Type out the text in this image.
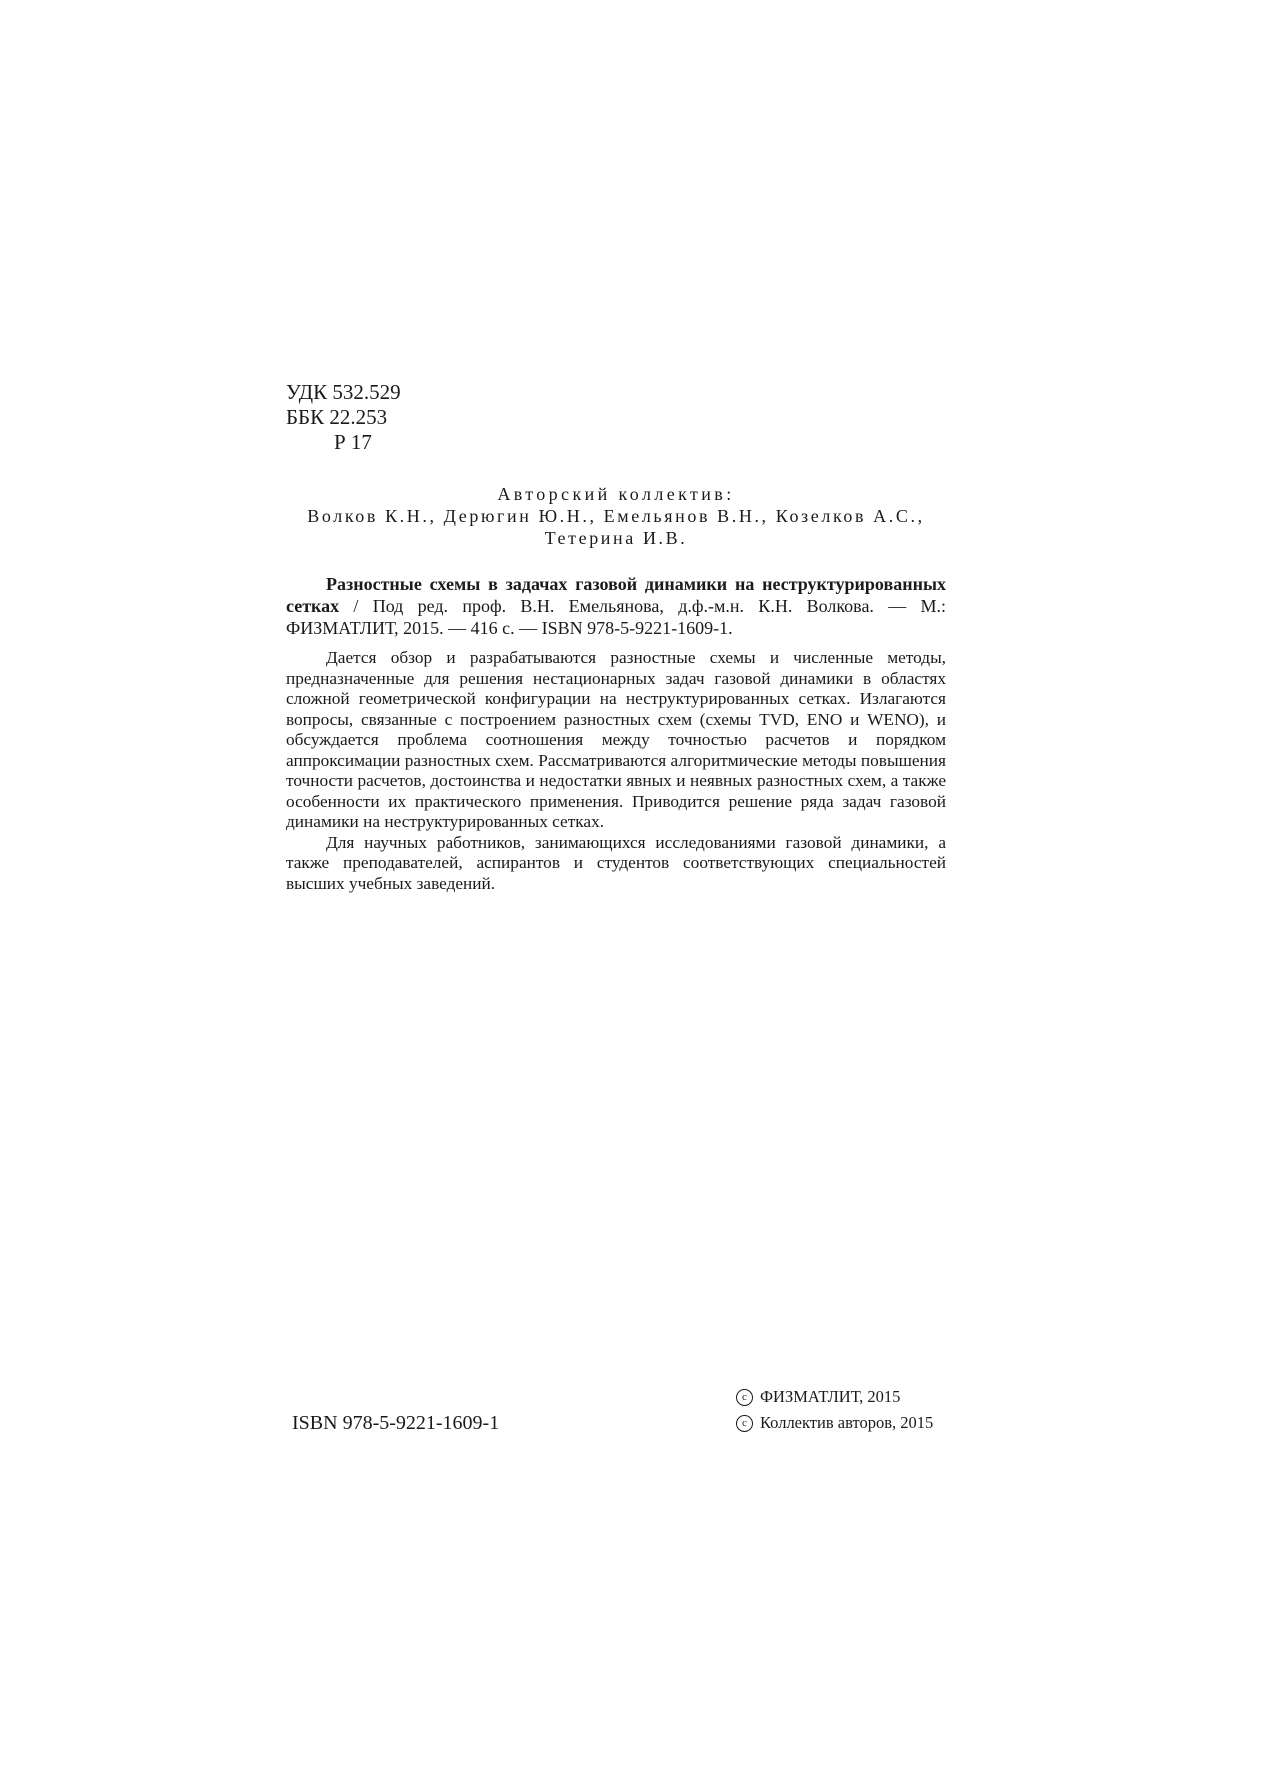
УДК 532.529
ББК 22.253
Р 17
Авторский коллектив:
Волков К.Н., Дерюгин Ю.Н., Емельянов В.Н., Козелков А.С.,
Тетерина И.В.
Разностные схемы в задачах газовой динамики на неструктурированных сетках / Под ред. проф. В.Н. Емельянова, д.ф.-м.н. К.Н. Волкова. — М.: ФИЗМАТЛИТ, 2015. — 416 с. — ISBN 978-5-9221-1609-1.

Дается обзор и разрабатываются разностные схемы и численные методы, предназначенные для решения нестационарных задач газовой динамики в областях сложной геометрической конфигурации на неструктурированных сетках. Излагаются вопросы, связанные с построением разностных схем (схемы TVD, ENO и WENO), и обсуждается проблема соотношения между точностью расчетов и порядком аппроксимации разностных схем. Рассматриваются алгоритмические методы повышения точности расчетов, достоинства и недостатки явных и неявных разностных схем, а также особенности их практического применения. Приводится решение ряда задач газовой динамики на неструктурированных сетках.

Для научных работников, занимающихся исследованиями газовой динамики, а также преподавателей, аспирантов и студентов соответствующих специальностей высших учебных заведений.

ISBN 978-5-9221-1609-1
c ФИЗМАТЛИТ, 2015
c Коллектив авторов, 2015
